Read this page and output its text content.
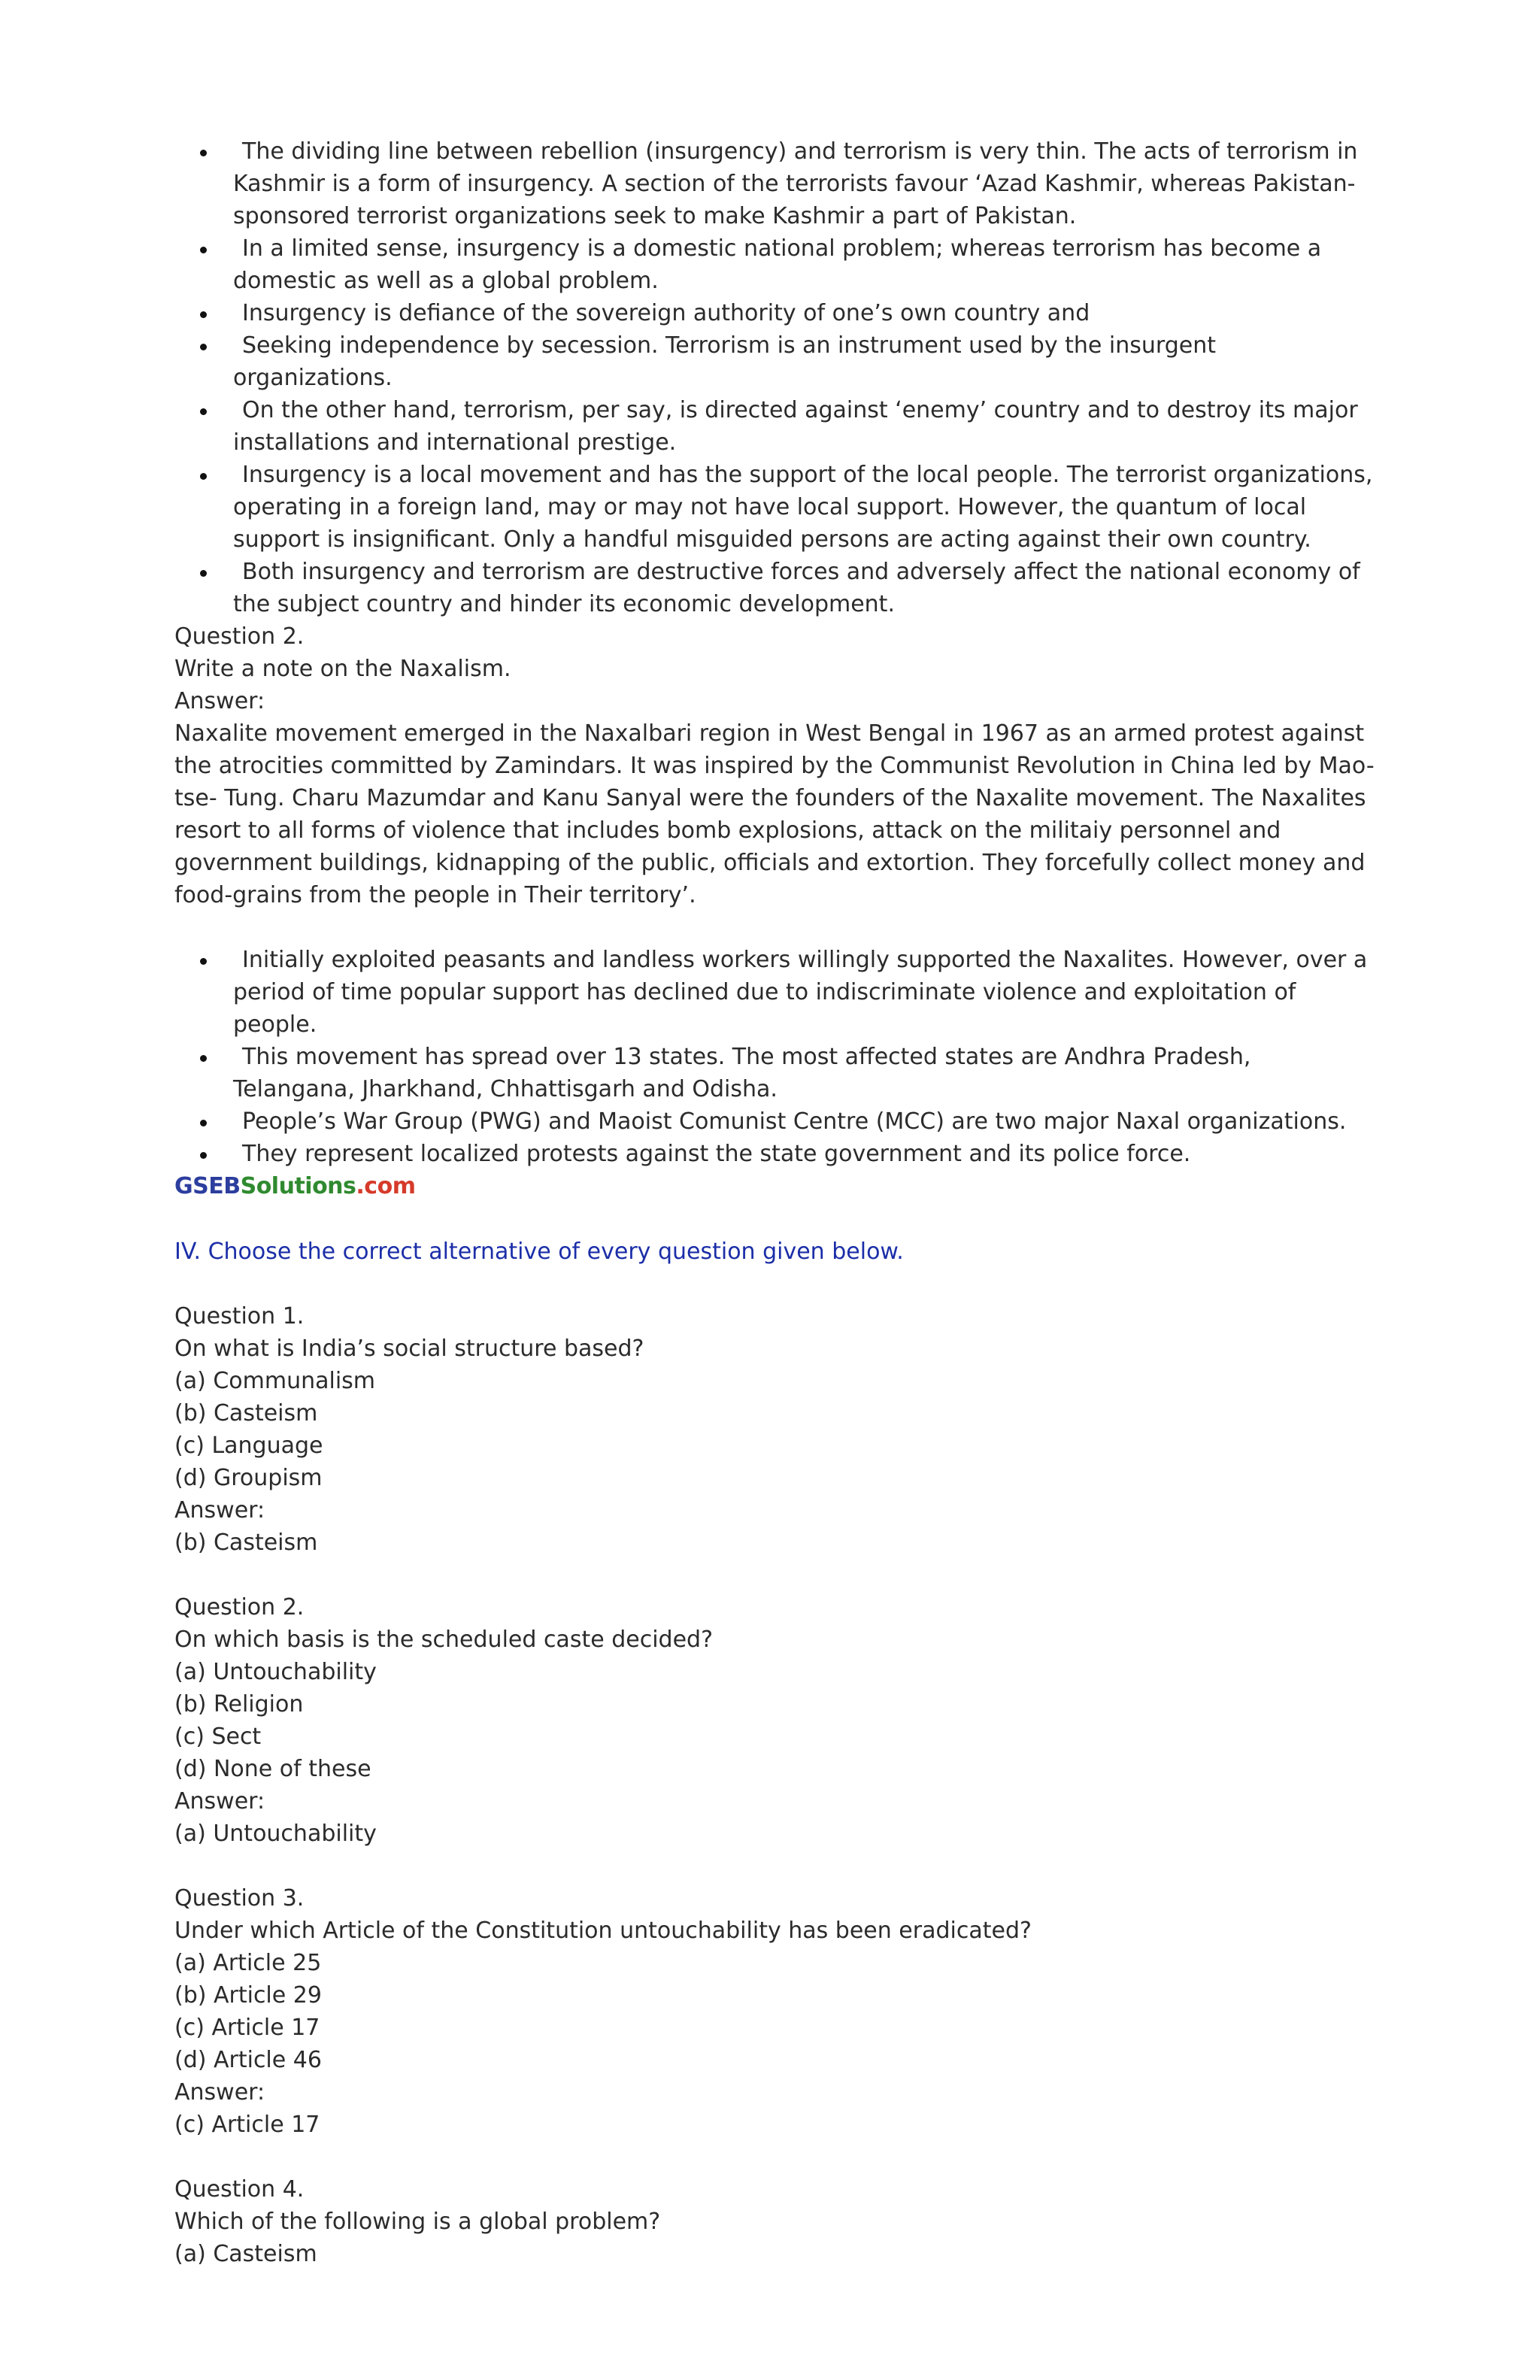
The dividing line between rebellion (insurgency) and terrorism is very thin. The acts of terrorism in Kashmir is a form of insurgency. A section of the terrorists favour ‘Azad Kashmir, whereas Pakistan-sponsored terrorist organizations seek to make Kashmir a part of Pakistan.
In a limited sense, insurgency is a domestic national problem; whereas terrorism has become a domestic as well as a global problem.
Insurgency is defiance of the sovereign authority of one’s own country and
Seeking independence by secession. Terrorism is an instrument used by the insurgent organizations.
On the other hand, terrorism, per say, is directed against ‘enemy’ country and to destroy its major installations and international prestige.
Insurgency is a local movement and has the support of the local people. The terrorist organizations, operating in a foreign land, may or may not have local support. However, the quantum of local support is insignificant. Only a handful misguided persons are acting against their own country.
Both insurgency and terrorism are destructive forces and adversely affect the national economy of the subject country and hinder its economic development.
Question 2.
Write a note on the Naxalism.
Answer:
Naxalite movement emerged in the Naxalbari region in West Bengal in 1967 as an armed protest against the atrocities committed by Zamindars. It was inspired by the Communist Revolution in China led by Mao-tse- Tung. Charu Mazumdar and Kanu Sanyal were the founders of the Naxalite movement. The Naxalites resort to all forms of violence that includes bomb explosions, attack on the militaiy personnel and government buildings, kidnapping of the public, officials and extortion. They forcefully collect money and food-grains from the people in Their territory’.
Initially exploited peasants and landless workers willingly supported the Naxalites. However, over a period of time popular support has declined due to indiscriminate violence and exploitation of people.
This movement has spread over 13 states. The most affected states are Andhra Pradesh, Telangana, Jharkhand, Chhattisgarh and Odisha.
People’s War Group (PWG) and Maoist Comunist Centre (MCC) are two major Naxal organizations.
They represent localized protests against the state government and its police force.
GSEBSolutions.com
IV. Choose the correct alternative of every question given below.
Question 1.
On what is India’s social structure based?
(a) Communalism
(b) Casteism
(c) Language
(d) Groupism
Answer:
(b) Casteism
Question 2.
On which basis is the scheduled caste decided?
(a) Untouchability
(b) Religion
(c) Sect
(d) None of these
Answer:
(a) Untouchability
Question 3.
Under which Article of the Constitution untouchability has been eradicated?
(a) Article 25
(b) Article 29
(c) Article 17
(d) Article 46
Answer:
(c) Article 17
Question 4.
Which of the following is a global problem?
(a) Casteism
